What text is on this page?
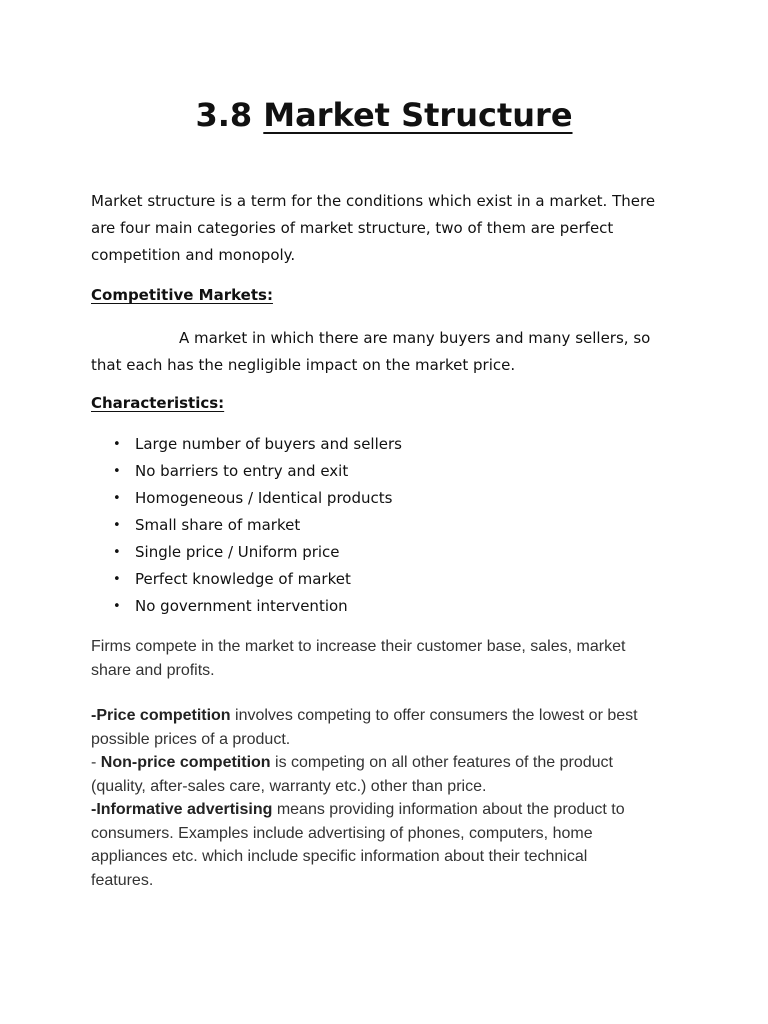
3.8 Market Structure
Market structure is a term for the conditions which exist in a market. There
are four main categories of market structure, two of them are perfect
competition and monopoly.
Competitive Markets:
A market in which there are many buyers and many sellers, so
that each has the negligible impact on the market price.
Characteristics:
• Large number of buyers and sellers
• No barriers to entry and exit
• Homogeneous / Identical products
• Small share of market
• Single price / Uniform price
• Perfect knowledge of market
• No government intervention
Firms compete in the market to increase their customer base, sales, market
share and profits.
-Price competition involves competing to offer consumers the lowest or best
possible prices of a product.
- Non-price competition is competing on all other features of the product
(quality, after-sales care, warranty etc.) other than price.
-Informative advertising means providing information about the product to
consumers. Examples include advertising of phones, computers, home
appliances etc. which include specific information about their technical
features.
